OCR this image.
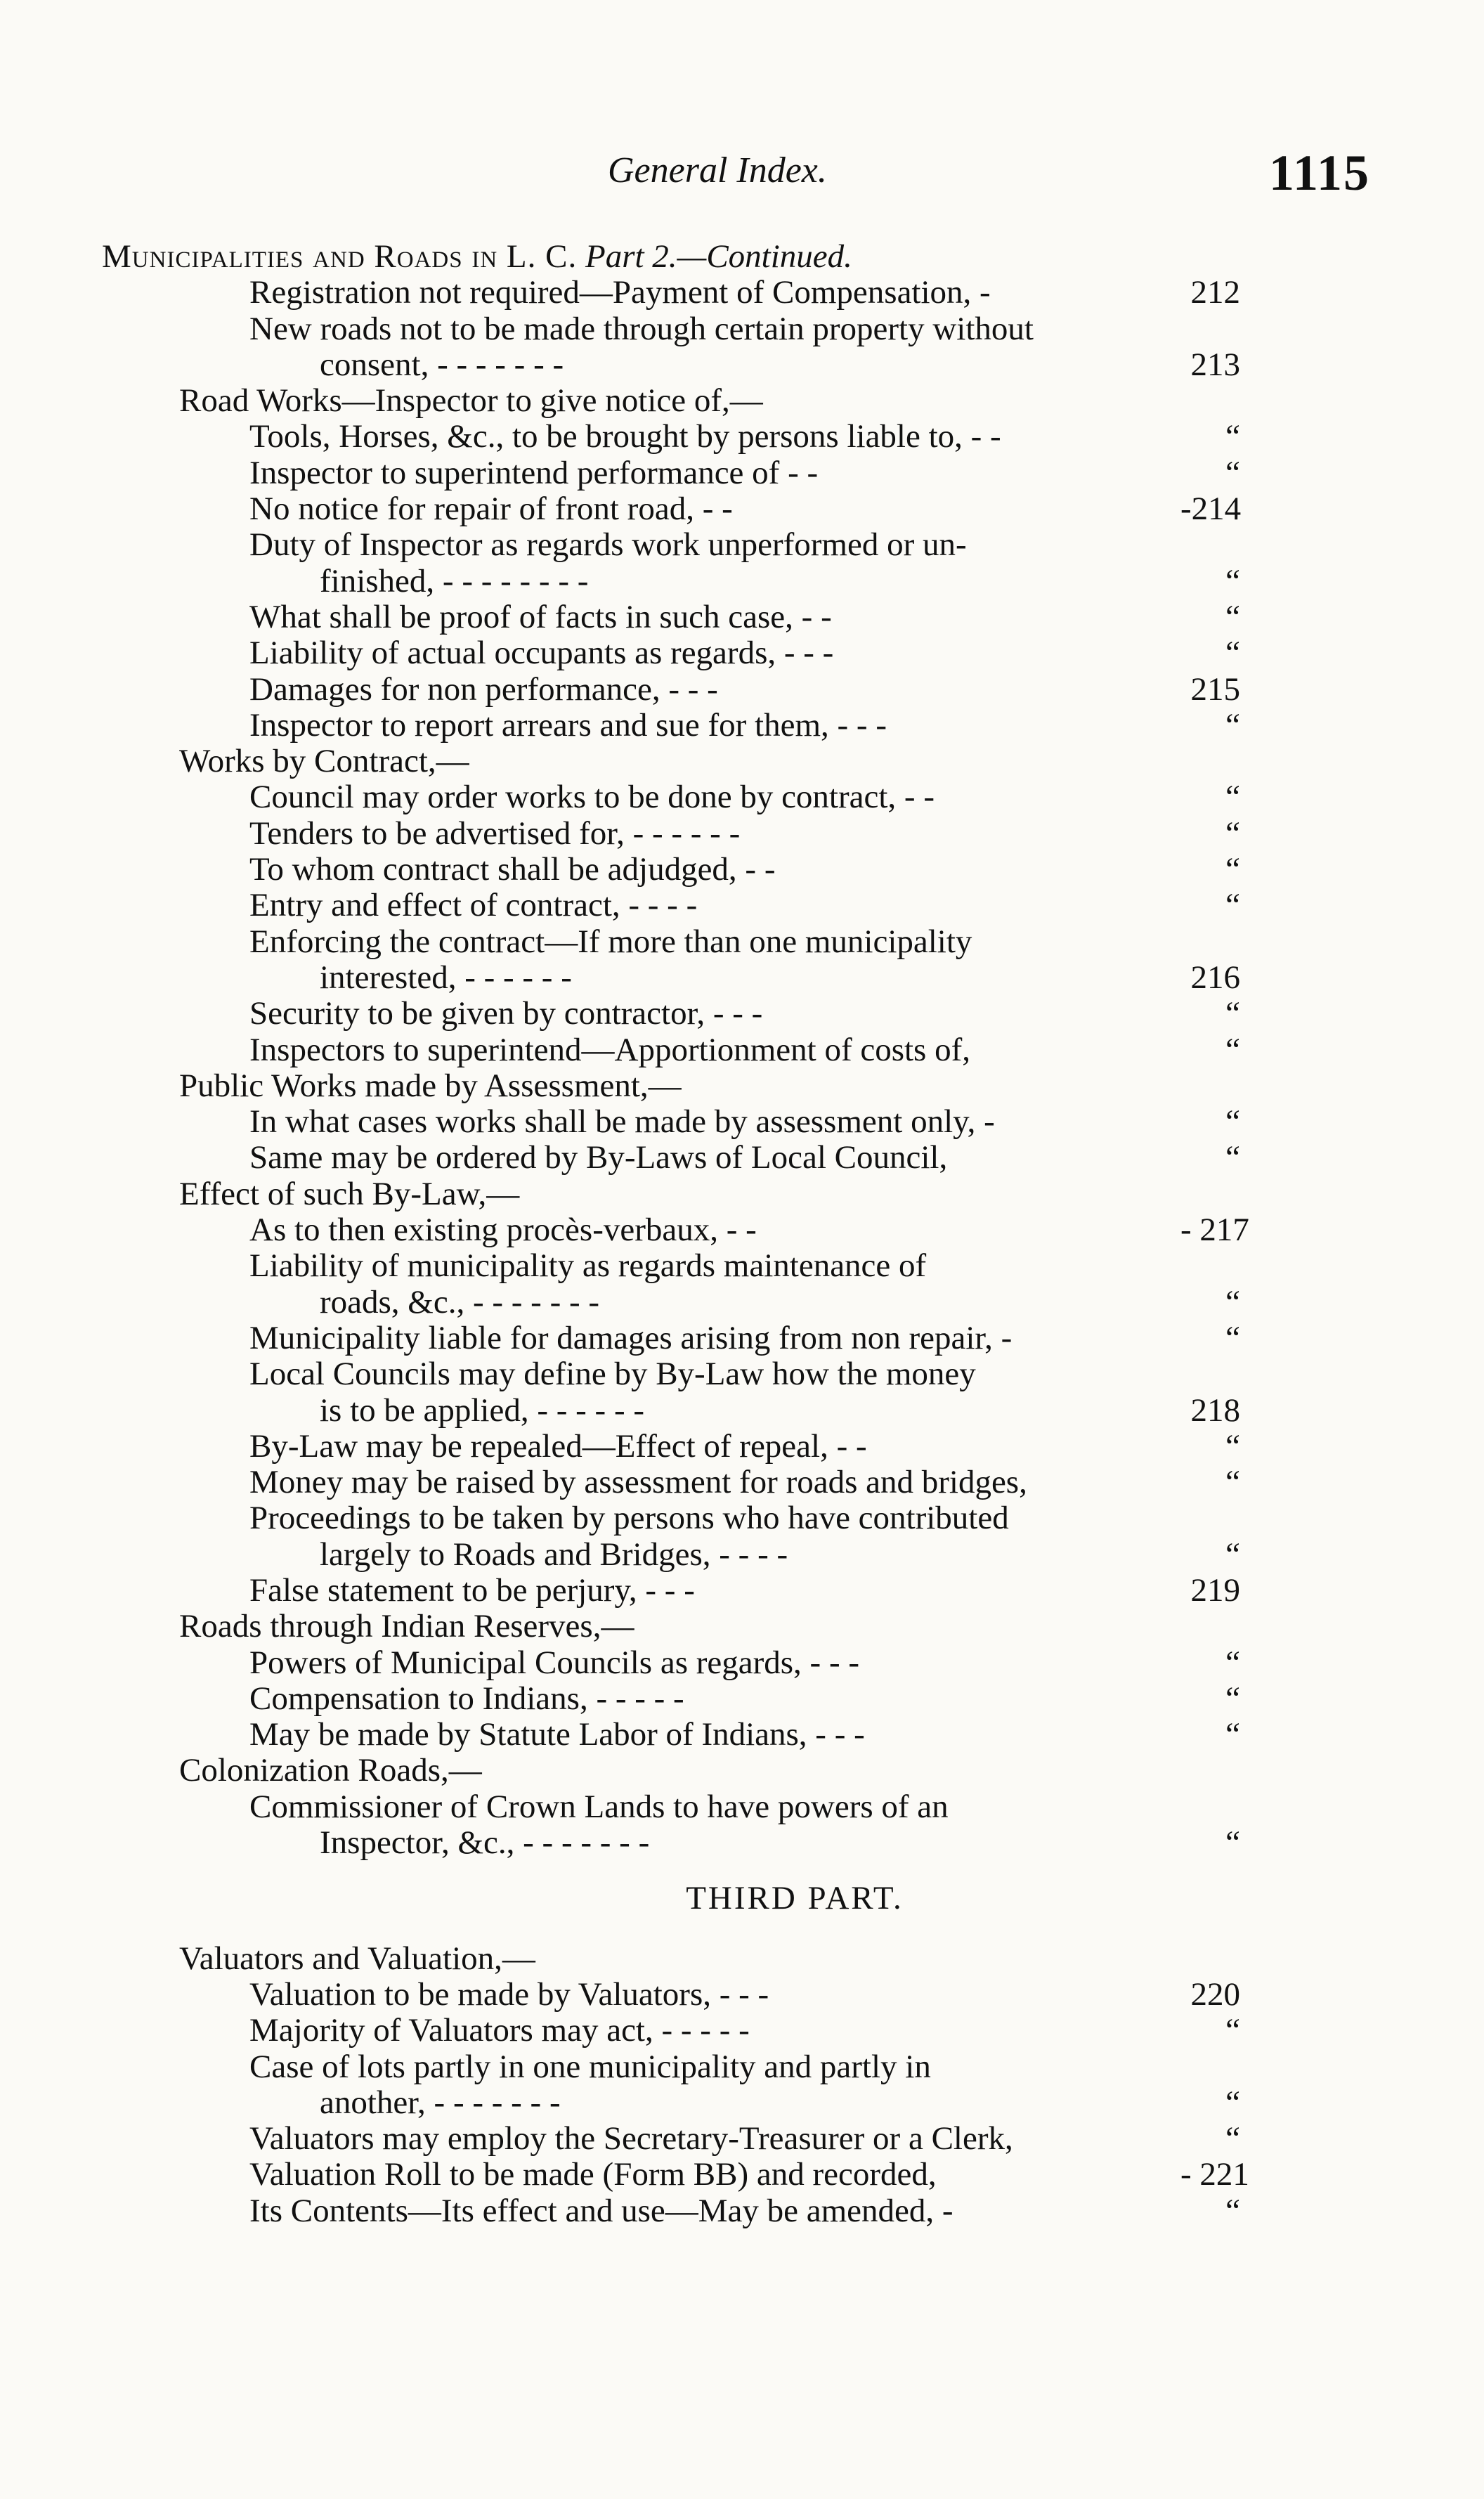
General Index.	1115
Municipalities and Roads in L. C. Part 2.—Continued.
Registration not required—Payment of Compensation, -	212
New roads not to be made through certain property without
consent, - - - - - - -	213
Road Works—Inspector to give notice of,—
Tools, Horses, &c., to be brought by persons liable to, - -	“
Inspector to superintend performance of - -	“
No notice for repair of front road, - -	-214
Duty of Inspector as regards work unperformed or un-
finished, - - - - - - - -	“
What shall be proof of facts in such case, - -	“
Liability of actual occupants as regards, - - -	“
Damages for non performance, - - -	215
Inspector to report arrears and sue for them, - - -	“
Works by Contract,—
Council may order works to be done by contract, - -	“
Tenders to be advertised for, - - - - - -	“
To whom contract shall be adjudged, - -	“
Entry and effect of contract, - - - -	“
Enforcing the contract—If more than one municipality
interested, - - - - - -	216
Security to be given by contractor, - - -	“
Inspectors to superintend—Apportionment of costs of,	“
Public Works made by Assessment,—
In what cases works shall be made by assessment only, -	“
Same may be ordered by By-Laws of Local Council,	“
Effect of such By-Law,—
As to then existing procès-verbaux, - -	- 217
Liability of municipality as regards maintenance of
roads, &c., - - - - - - -	“
Municipality liable for damages arising from non repair, -	“
Local Councils may define by By-Law how the money
is to be applied, - - - - - -	218
By-Law may be repealed—Effect of repeal, - -	“
Money may be raised by assessment for roads and bridges,	“
Proceedings to be taken by persons who have contributed
largely to Roads and Bridges, - - - -	“
False statement to be perjury, - - -	219
Roads through Indian Reserves,—
Powers of Municipal Councils as regards, - - -	“
Compensation to Indians, - - - - -	“
May be made by Statute Labor of Indians, - - -	“
Colonization Roads,—
Commissioner of Crown Lands to have powers of an
Inspector, &c., - - - - - - -	“
THIRD PART.
Valuators and Valuation,—
Valuation to be made by Valuators, - - -	220
Majority of Valuators may act, - - - - -	“
Case of lots partly in one municipality and partly in
another, - - - - - - -	“
Valuators may employ the Secretary-Treasurer or a Clerk,	“
Valuation Roll to be made (Form BB) and recorded,	- 221
Its Contents—Its effect and use—May be amended, -	“
